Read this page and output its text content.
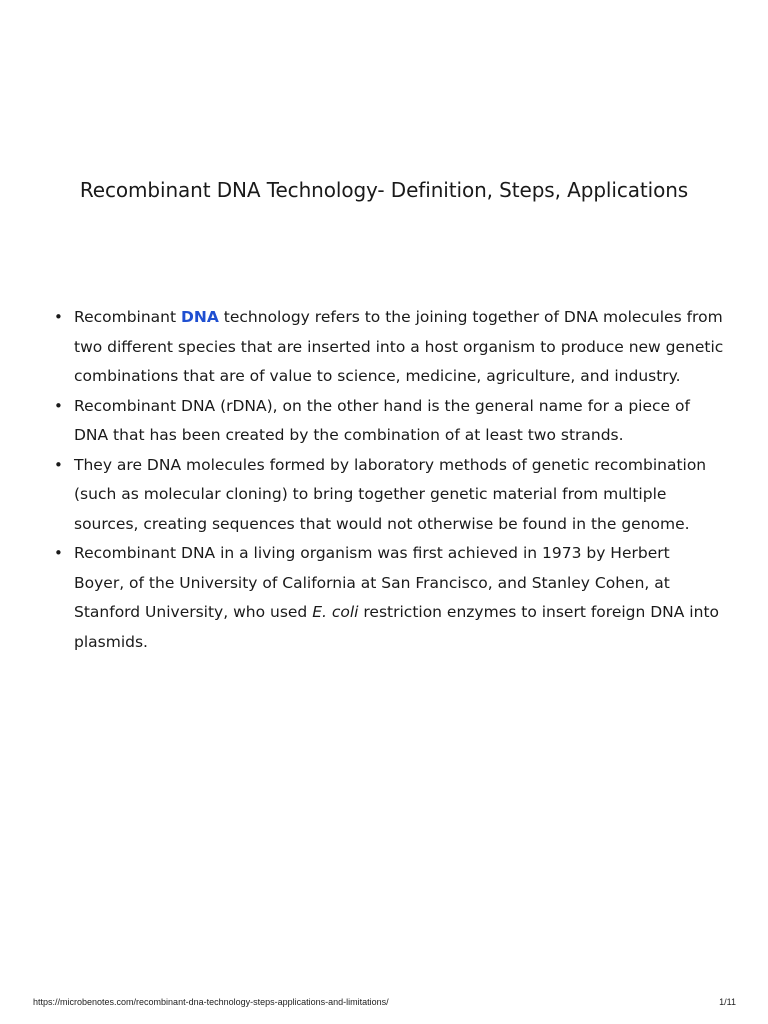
Recombinant DNA Technology- Definition, Steps, Applications
• Recombinant DNA technology refers to the joining together of DNA molecules from two different species that are inserted into a host organism to produce new genetic combinations that are of value to science, medicine, agriculture, and industry.
• Recombinant DNA (rDNA), on the other hand is the general name for a piece of DNA that has been created by the combination of at least two strands.
• They are DNA molecules formed by laboratory methods of genetic recombination (such as molecular cloning) to bring together genetic material from multiple sources, creating sequences that would not otherwise be found in the genome.
• Recombinant DNA in a living organism was first achieved in 1973 by Herbert Boyer, of the University of California at San Francisco, and Stanley Cohen, at Stanford University, who used E. coli restriction enzymes to insert foreign DNA into plasmids.
https://microbenotes.com/recombinant-dna-technology-steps-applications-and-limitations/	1/11
